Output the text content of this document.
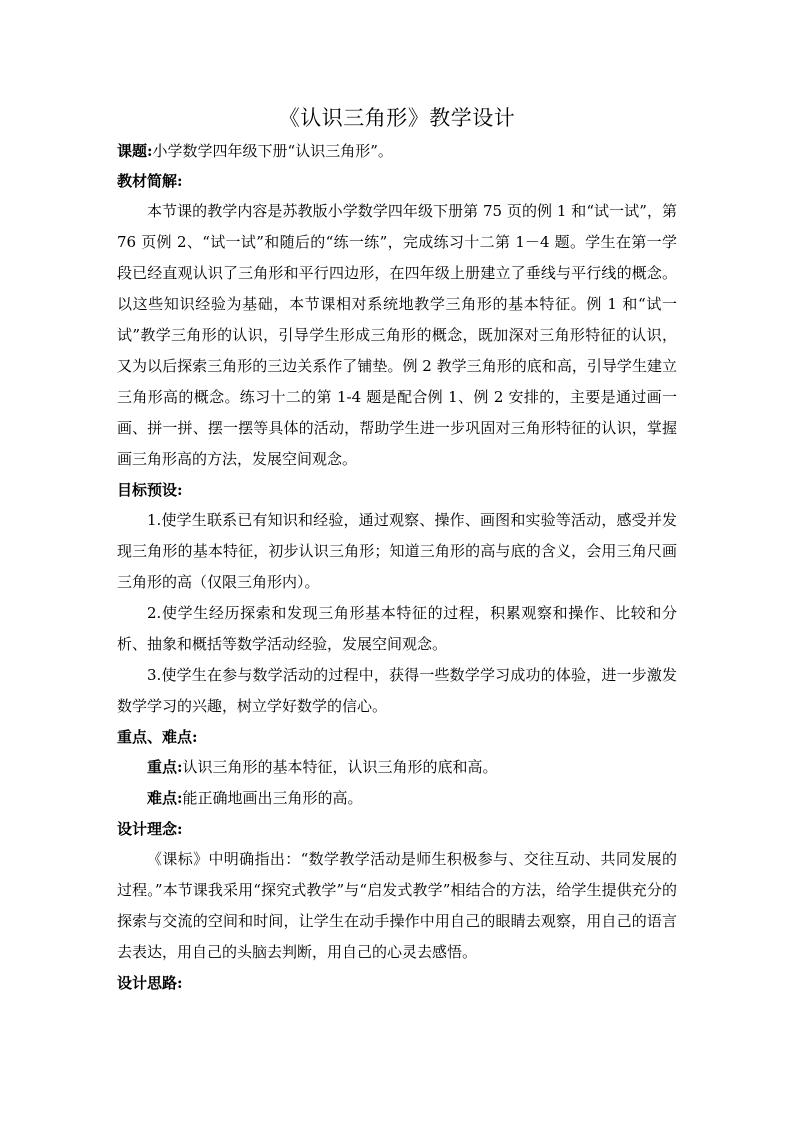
《认识三角形》教学设计

课题:小学数学四年级下册“认识三角形”。

教材简解:

本节课的教学内容是苏教版小学数学四年级下册第 75 页的例 1 和“试一试”，第 76 页例 2、“试一试”和随后的“练一练”，完成练习十二第 1－4 题。学生在第一学段已经直观认识了三角形和平行四边形，在四年级上册建立了垂线与平行线的概念。以这些知识经验为基础，本节课相对系统地教学三角形的基本特征。例 1 和“试一试”教学三角形的认识，引导学生形成三角形的概念，既加深对三角形特征的认识，又为以后探索三角形的三边关系作了铺垫。例 2 教学三角形的底和高，引导学生建立三角形高的概念。练习十二的第 1-4 题是配合例 1、例 2 安排的，主要是通过画一画、拼一拼、摆一摆等具体的活动，帮助学生进一步巩固对三角形特征的认识，掌握画三角形高的方法，发展空间观念。

目标预设:

1.使学生联系已有知识和经验，通过观察、操作、画图和实验等活动，感受并发现三角形的基本特征，初步认识三角形；知道三角形的高与底的含义，会用三角尺画三角形的高（仅限三角形内）。

2.使学生经历探索和发现三角形基本特征的过程，积累观察和操作、比较和分析、抽象和概括等数学活动经验，发展空间观念。

3.使学生在参与数学活动的过程中，获得一些数学学习成功的体验，进一步激发数学学习的兴趣，树立学好数学的信心。

重点、难点:

重点:认识三角形的基本特征，认识三角形的底和高。

难点:能正确地画出三角形的高。

设计理念:

《课标》中明确指出：“数学教学活动是师生积极参与、交往互动、共同发展的过程。”本节课我采用“探究式教学”与“启发式教学”相结合的方法，给学生提供充分的探索与交流的空间和时间，让学生在动手操作中用自己的眼睛去观察，用自己的语言去表达，用自己的头脑去判断，用自己的心灵去感悟。

设计思路:
